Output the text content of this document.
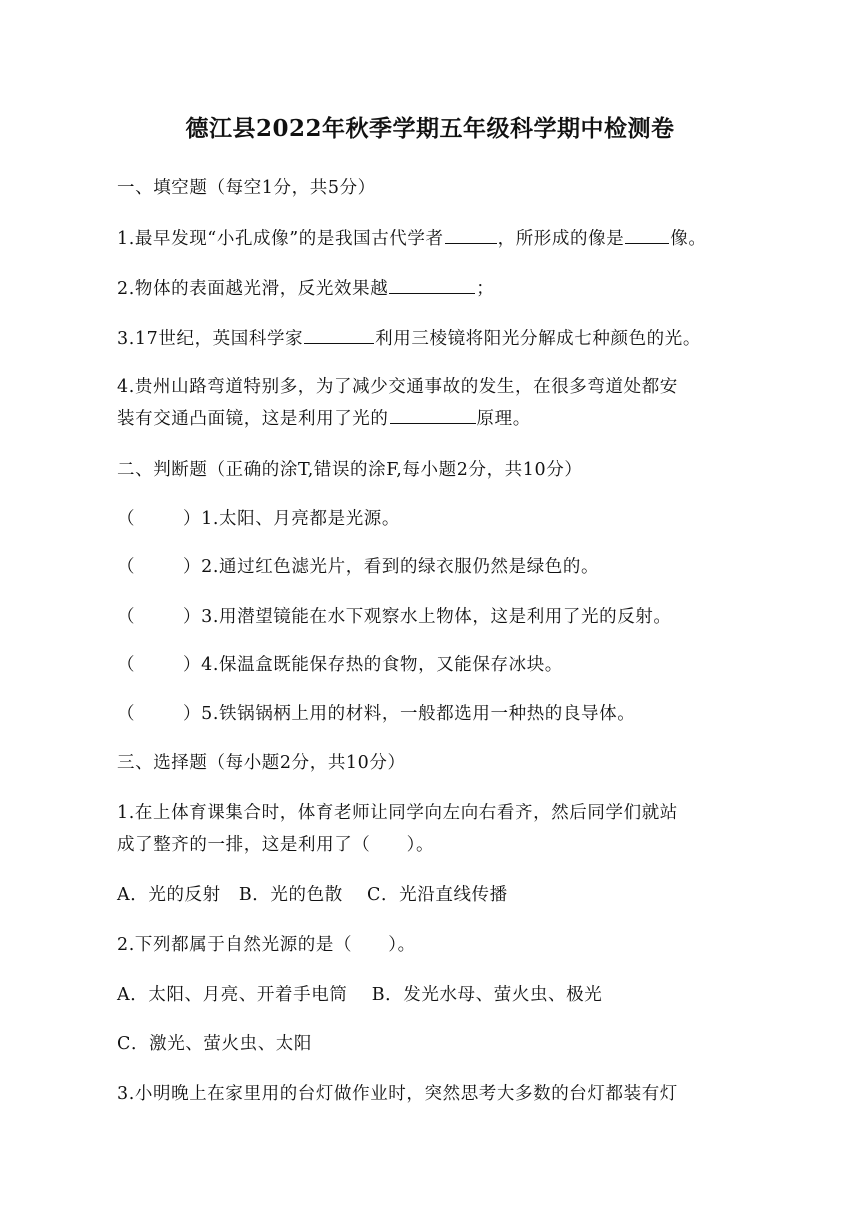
德江县2022年秋季学期五年级科学期中检测卷
一、填空题（每空1分，共5分）
1.最早发现“小孔成像”的是我国古代学者	，所形成的像是	像。
2.物体的表面越光滑，反光效果越	；
3.17世纪，英国科学家	利用三棱镜将阳光分解成七种颜色的光。
4.贵州山路弯道特别多，为了减少交通事故的发生，在很多弯道处都安
装有交通凸面镜，这是利用了光的	原理。
二、判断题（正确的涂T,错误的涂F,每小题2分，共10分）
（	）1.太阳、月亮都是光源。
（	）2.通过红色滤光片，看到的绿衣服仍然是绿色的。
（	）3.用潜望镜能在水下观察水上物体，这是利用了光的反射。
（	）4.保温盒既能保存热的食物，又能保存冰块。
（	）5.铁锅锅柄上用的材料，一般都选用一种热的良导体。
三、选择题（每小题2分，共10分）
1.在上体育课集合时，体育老师让同学向左向右看齐，然后同学们就站
成了整齐的一排，这是利用了（　　）。
A．光的反射　B．光的色散　 C．光沿直线传播
2.下列都属于自然光源的是（　　）。
A．太阳、月亮、开着手电筒　 B．发光水母、萤火虫、极光
C．激光、萤火虫、太阳
3.小明晚上在家里用的台灯做作业时，突然思考大多数的台灯都装有灯
